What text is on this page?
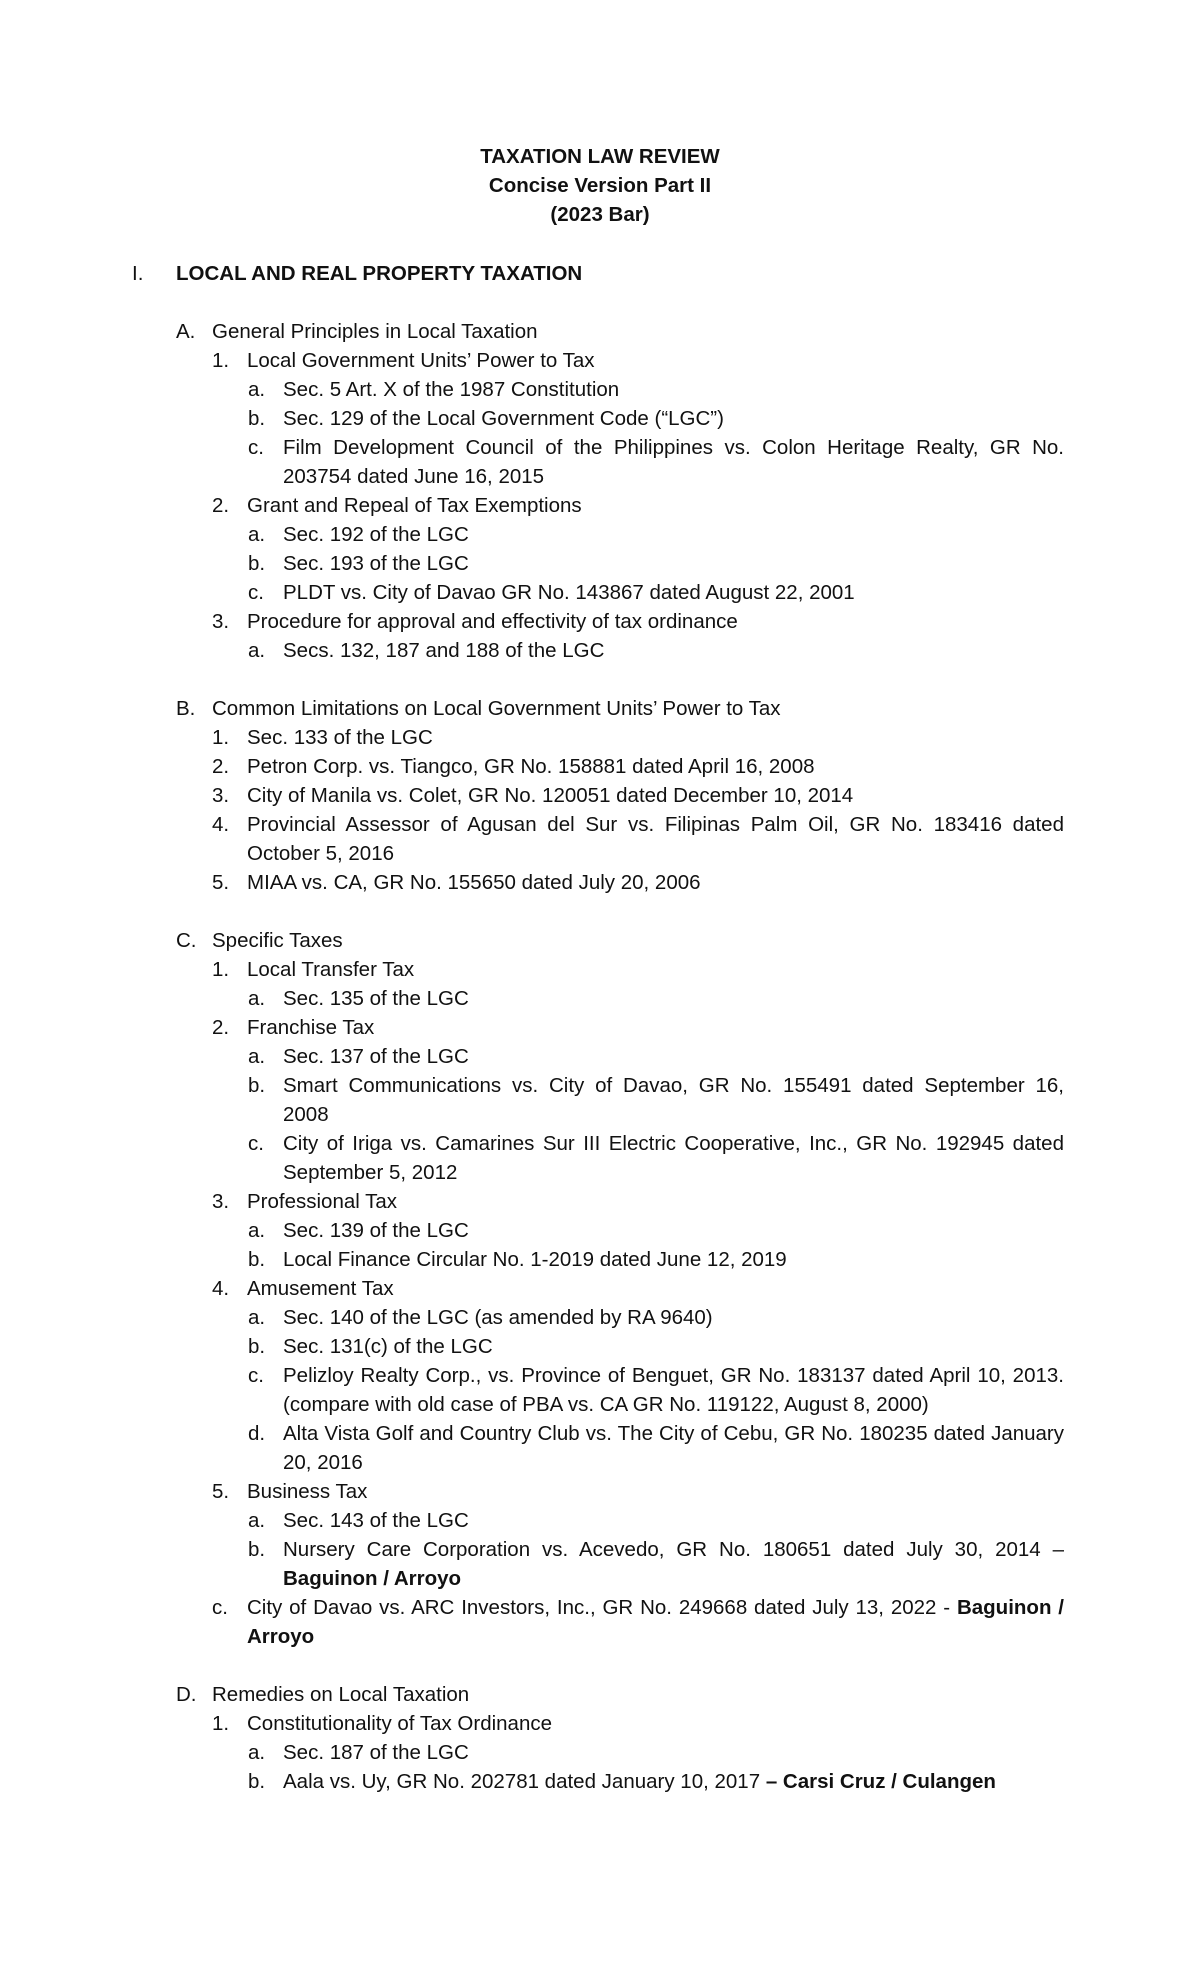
TAXATION LAW REVIEW
Concise Version Part II
(2023 Bar)
I. LOCAL AND REAL PROPERTY TAXATION
A. General Principles in Local Taxation
1. Local Government Units’ Power to Tax
a. Sec. 5 Art. X of the 1987 Constitution
b. Sec. 129 of the Local Government Code (“LGC”)
c. Film Development Council of the Philippines vs. Colon Heritage Realty, GR No.
203754 dated June 16, 2015
2. Grant and Repeal of Tax Exemptions
a. Sec. 192 of the LGC
b. Sec. 193 of the LGC
c. PLDT vs. City of Davao GR No. 143867 dated August 22, 2001
3. Procedure for approval and effectivity of tax ordinance
a. Secs. 132, 187 and 188 of the LGC
B. Common Limitations on Local Government Units’ Power to Tax
1. Sec. 133 of the LGC
2. Petron Corp. vs. Tiangco, GR No. 158881 dated April 16, 2008
3. City of Manila vs. Colet, GR No. 120051 dated December 10, 2014
4. Provincial Assessor of Agusan del Sur vs. Filipinas Palm Oil, GR No. 183416 dated
October 5, 2016
5. MIAA vs. CA, GR No. 155650 dated July 20, 2006
C. Specific Taxes
1. Local Transfer Tax
a. Sec. 135 of the LGC
2. Franchise Tax
a. Sec. 137 of the LGC
b. Smart Communications vs. City of Davao, GR No. 155491 dated September 16,
2008
c. City of Iriga vs. Camarines Sur III Electric Cooperative, Inc., GR No. 192945 dated
September 5, 2012
3. Professional Tax
a. Sec. 139 of the LGC
b. Local Finance Circular No. 1-2019 dated June 12, 2019
4. Amusement Tax
a. Sec. 140 of the LGC (as amended by RA 9640)
b. Sec. 131(c) of the LGC
c. Pelizloy Realty Corp., vs. Province of Benguet, GR No. 183137 dated April 10, 2013.
(compare with old case of PBA vs. CA GR No. 119122, August 8, 2000)
d. Alta Vista Golf and Country Club vs. The City of Cebu, GR No. 180235 dated January
20, 2016
5. Business Tax
a. Sec. 143 of the LGC
b. Nursery Care Corporation vs. Acevedo, GR No. 180651 dated July 30, 2014 –
Baguinon / Arroyo
c. City of Davao vs. ARC Investors, Inc., GR No. 249668 dated July 13, 2022 - Baguinon /
Arroyo
D. Remedies on Local Taxation
1. Constitutionality of Tax Ordinance
a. Sec. 187 of the LGC
b. Aala vs. Uy, GR No. 202781 dated January 10, 2017 – Carsi Cruz / Culangen
